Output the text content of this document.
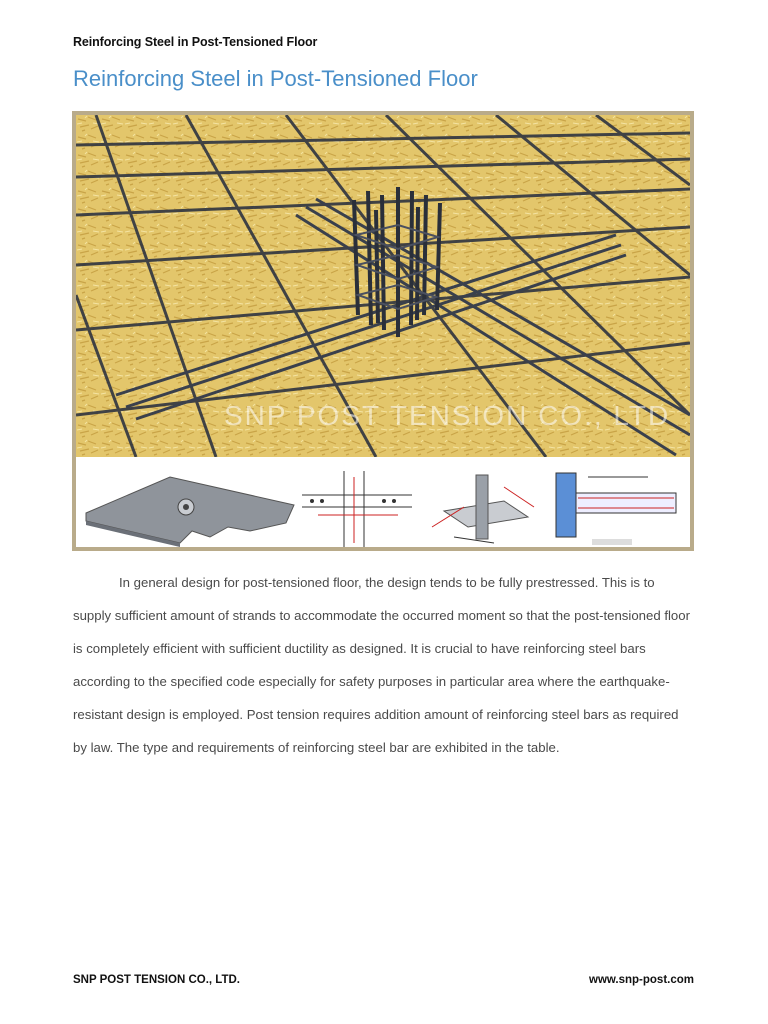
Reinforcing Steel in Post-Tensioned Floor
Reinforcing Steel in Post-Tensioned Floor
SNP POST TENSION CO., LTD

In general design for post-tensioned floor, the design tends to be fully prestressed. This is to supply sufficient amount of strands to accommodate the occurred moment so that the post-tensioned floor is completely efficient with sufficient ductility as designed. It is crucial to have reinforcing steel bars according to the specified code especially for safety purposes in particular area where the earthquake-resistant design is employed. Post tension requires addition amount of reinforcing steel bars as required by law. The type and requirements of reinforcing steel bar are exhibited in the table.

SNP POST TENSION CO., LTD.	www.snp-post.com
